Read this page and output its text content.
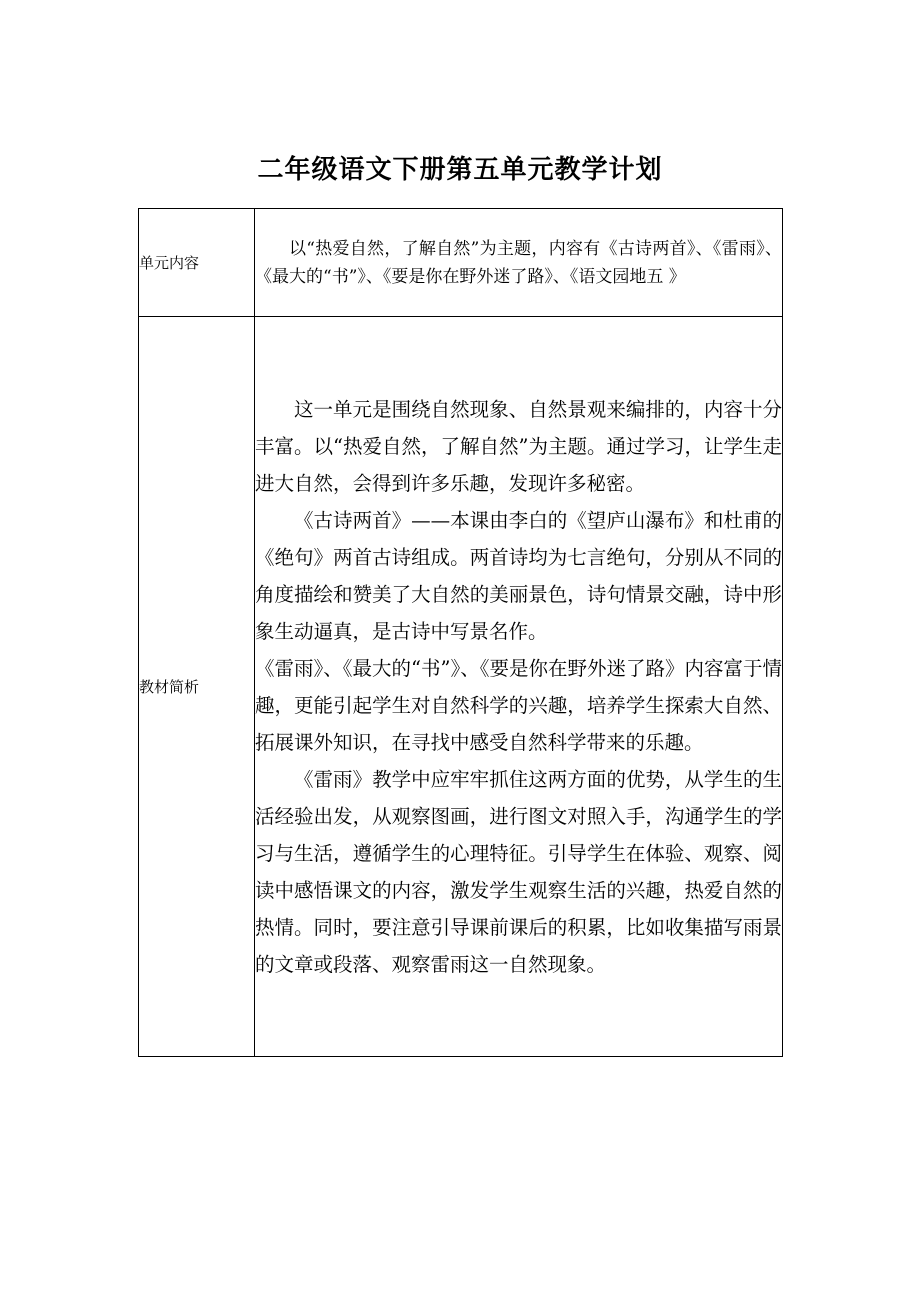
二年级语文下册第五单元教学计划
单元内容	以“热爱自然，了解自然”为主题，内容有《古诗两首》、《雷雨》、《最大的“书”》、《要是你在野外迷了路》、《语文园地五 》

教材简析	这一单元是围绕自然现象、自然景观来编排的，内容十分丰富。以“热爱自然，了解自然”为主题。通过学习，让学生走进大自然，会得到许多乐趣，发现许多秘密。

《古诗两首》——本课由李白的《望庐山瀑布》和杜甫的《绝句》两首古诗组成。两首诗均为七言绝句，分别从不同的角度描绘和赞美了大自然的美丽景色，诗句情景交融，诗中形象生动逼真，是古诗中写景名作。

《雷雨》、《最大的“书”》、《要是你在野外迷了路》内容富于情趣，更能引起学生对自然科学的兴趣，培养学生探索大自然、拓展课外知识，在寻找中感受自然科学带来的乐趣。

《雷雨》教学中应牢牢抓住这两方面的优势，从学生的生活经验出发，从观察图画，进行图文对照入手，沟通学生的学习与生活，遵循学生的心理特征。引导学生在体验、观察、阅读中感悟课文的内容，激发学生观察生活的兴趣，热爱自然的热情。同时，要注意引导课前课后的积累，比如收集描写雨景的文章或段落、观察雷雨这一自然现象。
